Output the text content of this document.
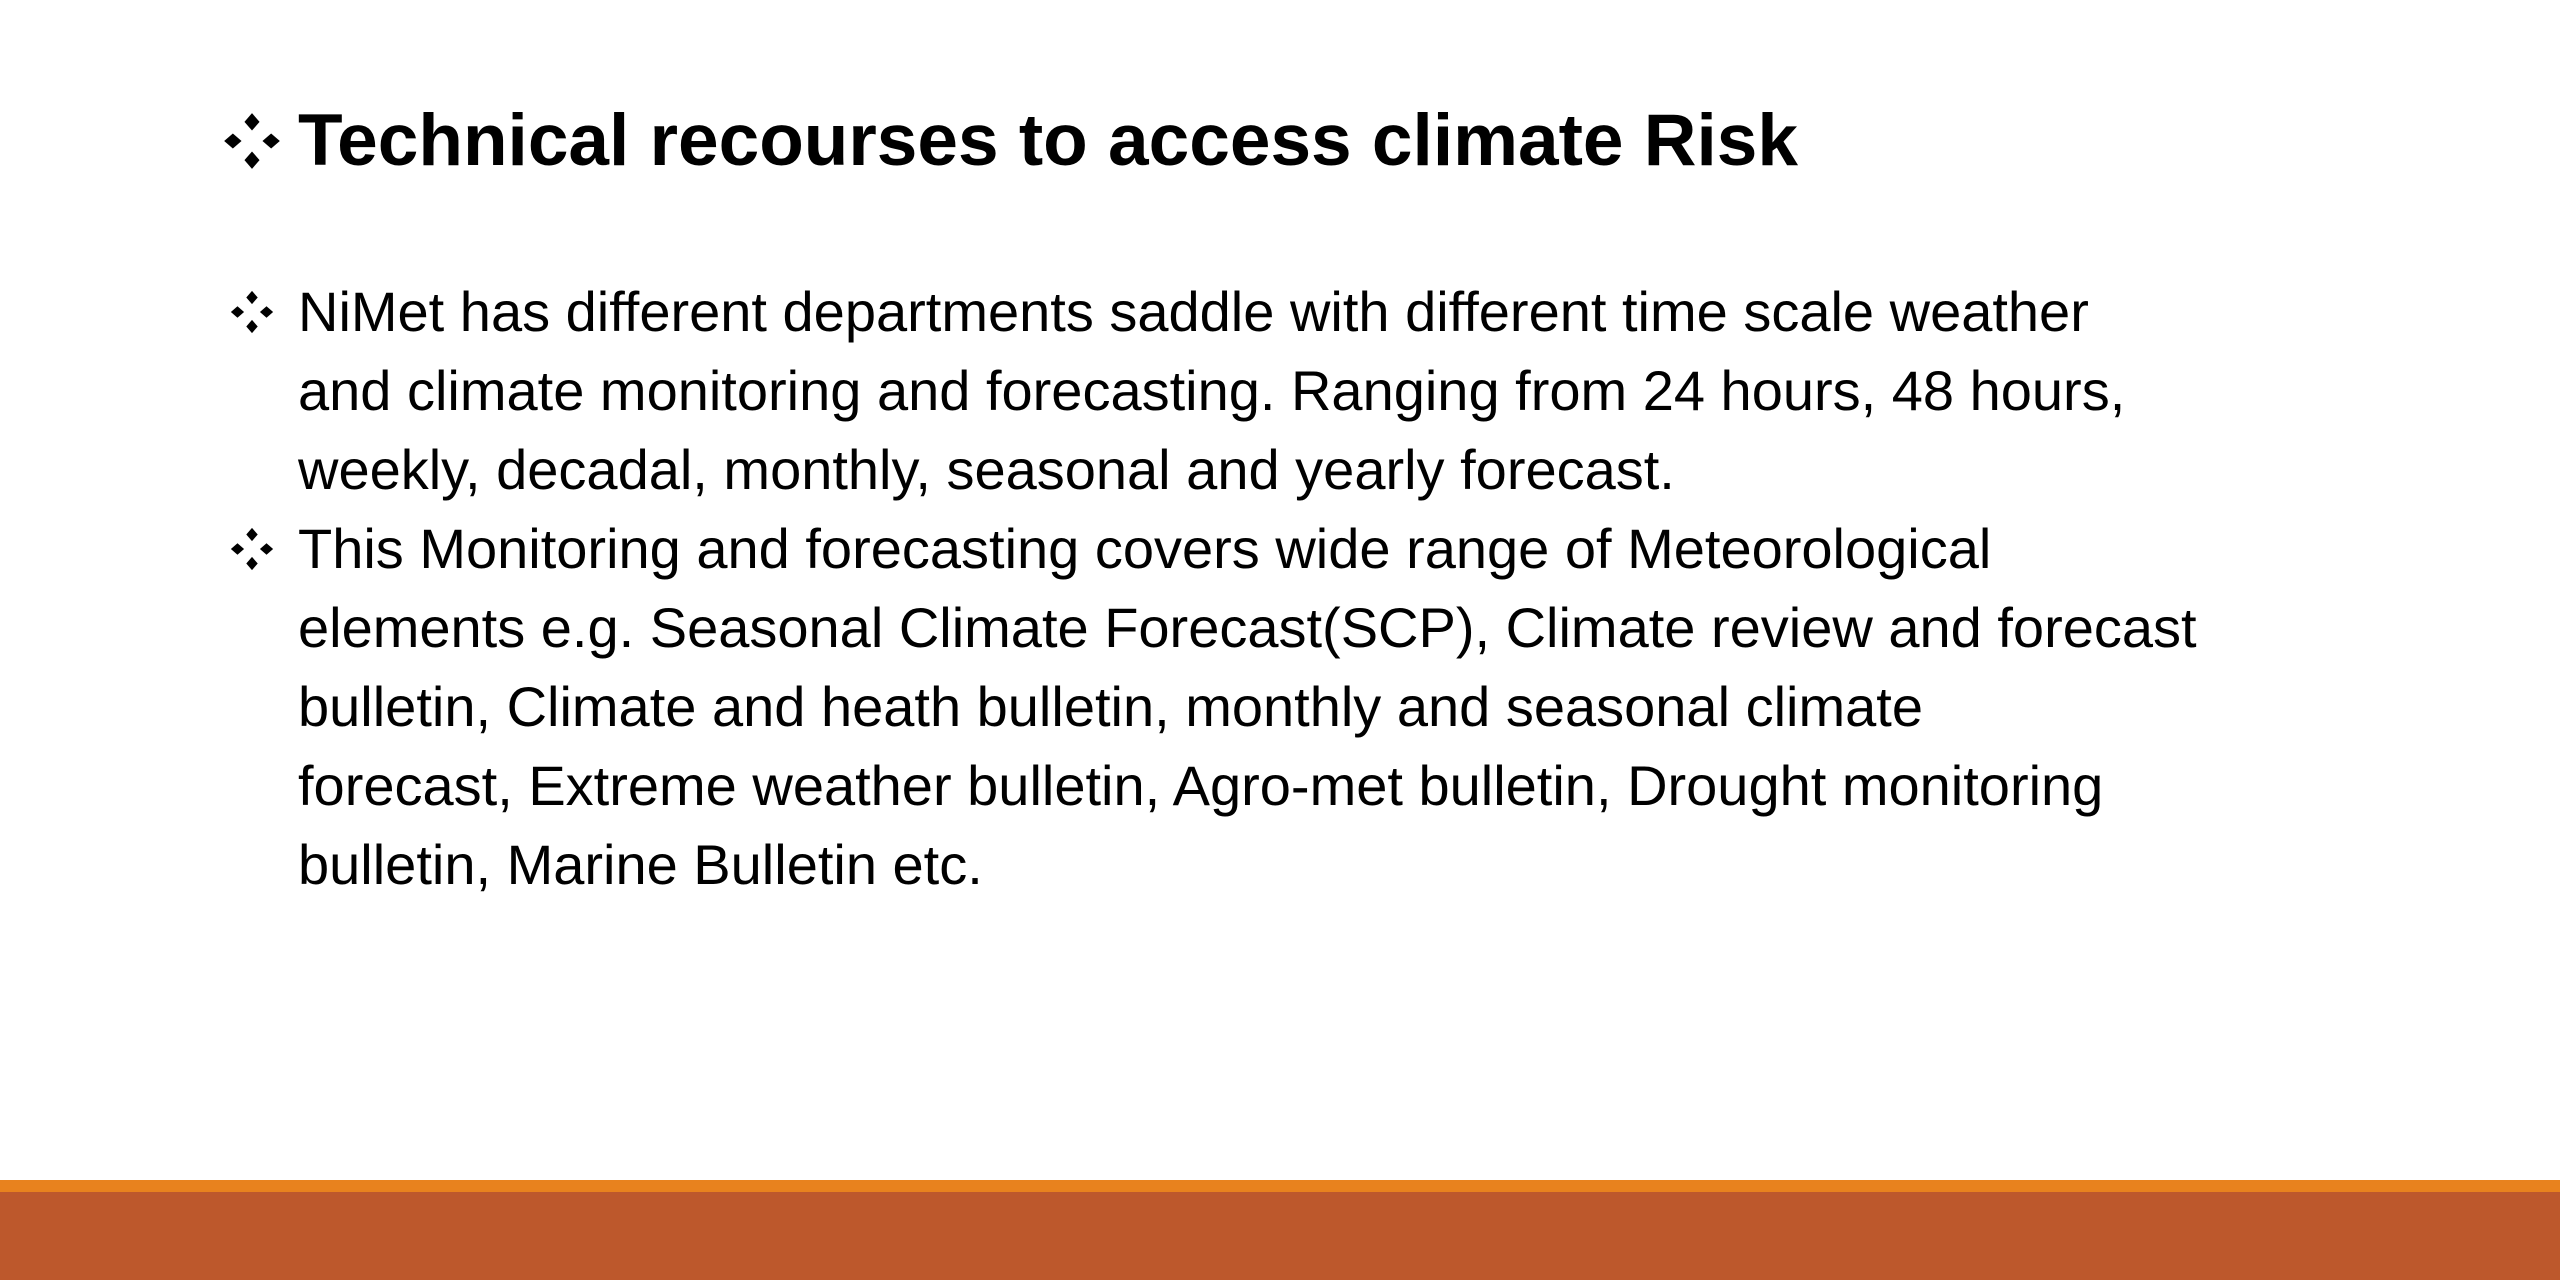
Technical recourses to access climate Risk
NiMet has different departments saddle with different time scale weather
and climate monitoring and forecasting. Ranging from 24 hours, 48 hours,
weekly, decadal, monthly, seasonal and yearly forecast.
This Monitoring and forecasting covers wide range of Meteorological
elements e.g. Seasonal Climate Forecast(SCP), Climate review and forecast
bulletin, Climate and heath bulletin, monthly and seasonal climate
forecast, Extreme weather bulletin, Agro-met bulletin, Drought monitoring
bulletin, Marine Bulletin etc.
